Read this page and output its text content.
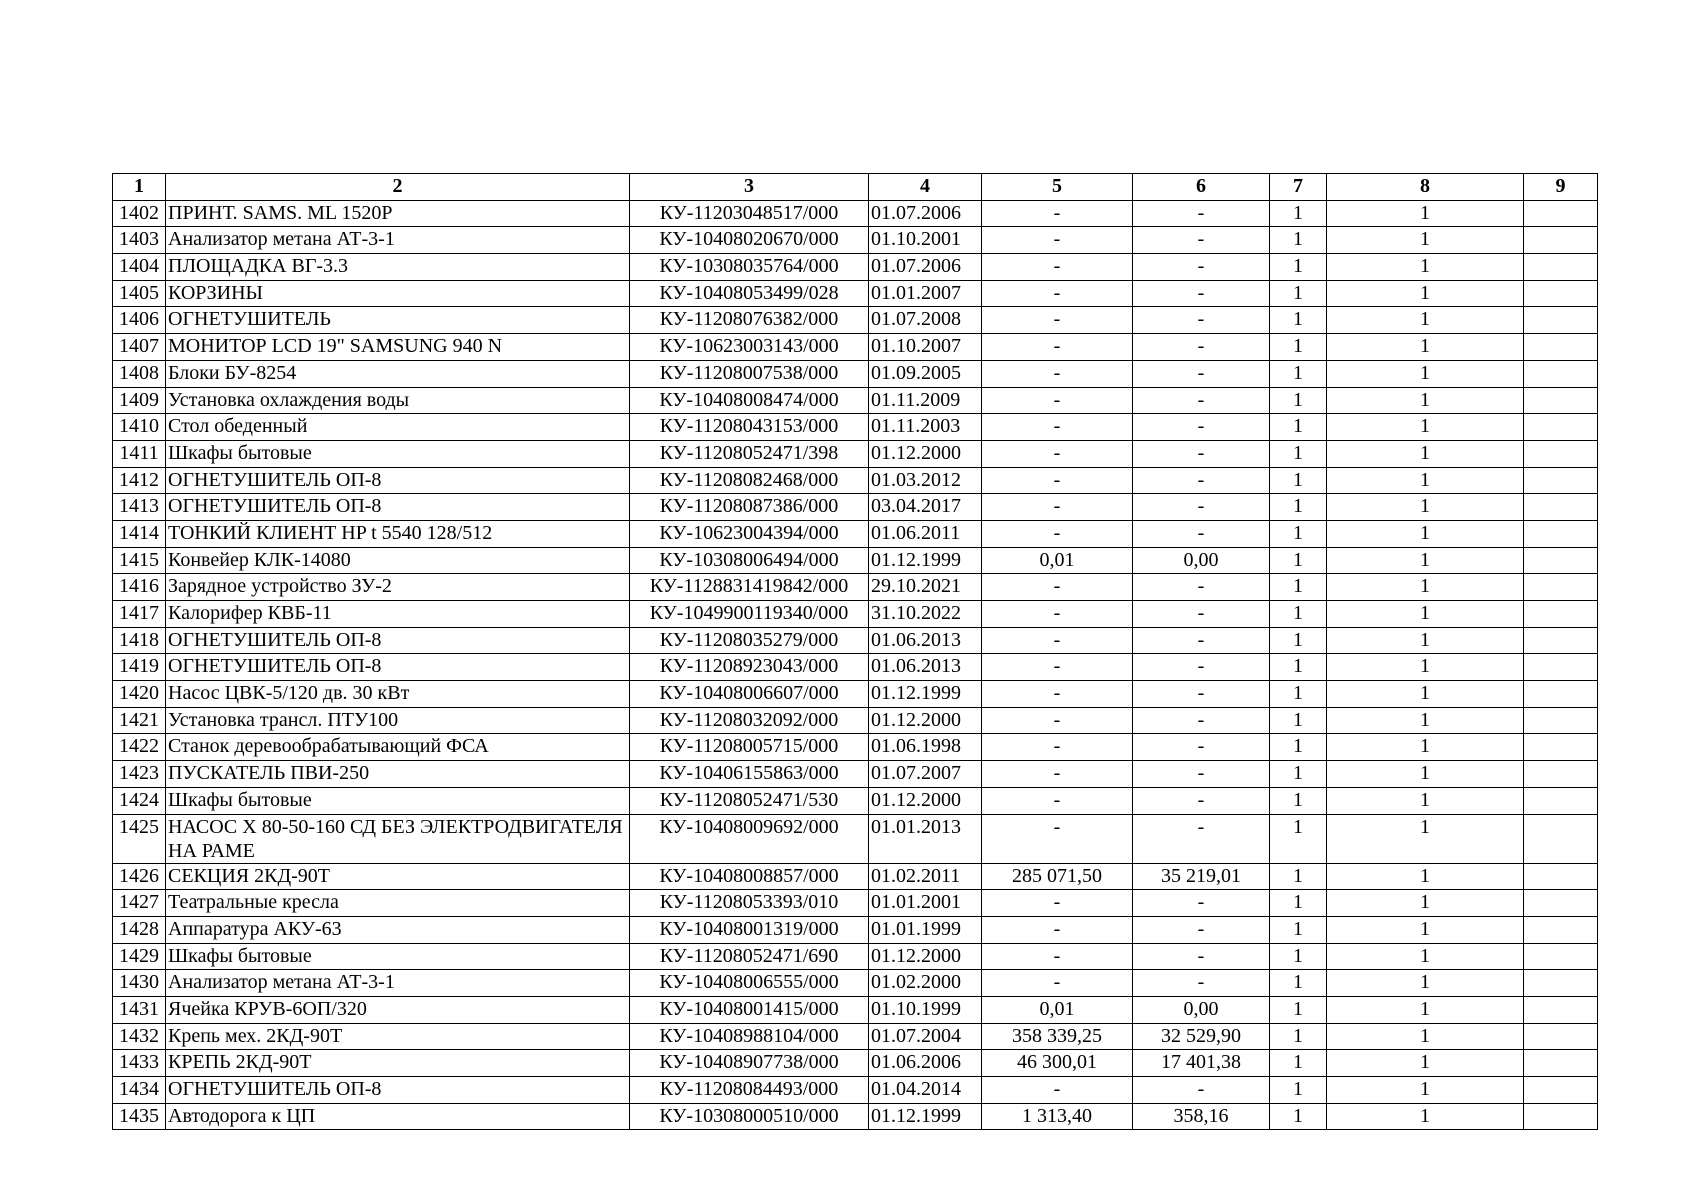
1	2	3	4	5	6	7	8	9
1402	ПРИНТ. SAMS. ML 1520P	КУ-11203048517/000	01.07.2006	-	-	1	1	
1403	Анализатор метана АТ-3-1	КУ-10408020670/000	01.10.2001	-	-	1	1	
1404	ПЛОЩАДКА ВГ-3.3	КУ-10308035764/000	01.07.2006	-	-	1	1	
1405	КОРЗИНЫ	КУ-10408053499/028	01.01.2007	-	-	1	1	
1406	ОГНЕТУШИТЕЛЬ	КУ-11208076382/000	01.07.2008	-	-	1	1	
1407	МОНИТОР LCD 19" SAMSUNG 940 N	КУ-10623003143/000	01.10.2007	-	-	1	1	
1408	Блоки БУ-8254	КУ-11208007538/000	01.09.2005	-	-	1	1	
1409	Установка охлаждения воды	КУ-10408008474/000	01.11.2009	-	-	1	1	
1410	Стол обеденный	КУ-11208043153/000	01.11.2003	-	-	1	1	
1411	Шкафы бытовые	КУ-11208052471/398	01.12.2000	-	-	1	1	
1412	ОГНЕТУШИТЕЛЬ ОП-8	КУ-11208082468/000	01.03.2012	-	-	1	1	
1413	ОГНЕТУШИТЕЛЬ ОП-8	КУ-11208087386/000	03.04.2017	-	-	1	1	
1414	ТОНКИЙ КЛИЕНТ HP t 5540 128/512	КУ-10623004394/000	01.06.2011	-	-	1	1	
1415	Конвейер КЛК-14080	КУ-10308006494/000	01.12.1999	0,01	0,00	1	1	
1416	Зарядное устройство ЗУ-2	КУ-1128831419842/000	29.10.2021	-	-	1	1	
1417	Калорифер КВБ-11	КУ-1049900119340/000	31.10.2022	-	-	1	1	
1418	ОГНЕТУШИТЕЛЬ ОП-8	КУ-11208035279/000	01.06.2013	-	-	1	1	
1419	ОГНЕТУШИТЕЛЬ ОП-8	КУ-11208923043/000	01.06.2013	-	-	1	1	
1420	Насос ЦВК-5/120 дв. 30 кВт	КУ-10408006607/000	01.12.1999	-	-	1	1	
1421	Установка трансл. ПТУ100	КУ-11208032092/000	01.12.2000	-	-	1	1	
1422	Станок деревообрабатывающий ФСА	КУ-11208005715/000	01.06.1998	-	-	1	1	
1423	ПУСКАТЕЛЬ ПВИ-250	КУ-10406155863/000	01.07.2007	-	-	1	1	
1424	Шкафы бытовые	КУ-11208052471/530	01.12.2000	-	-	1	1	
1425	НАСОС Х 80-50-160 СД БЕЗ ЭЛЕКТРОДВИГАТЕЛЯ НА РАМЕ	КУ-10408009692/000	01.01.2013	-	-	1	1	
1426	СЕКЦИЯ 2КД-90Т	КУ-10408008857/000	01.02.2011	285 071,50	35 219,01	1	1	
1427	Театральные кресла	КУ-11208053393/010	01.01.2001	-	-	1	1	
1428	Аппаратура АКУ-63	КУ-10408001319/000	01.01.1999	-	-	1	1	
1429	Шкафы бытовые	КУ-11208052471/690	01.12.2000	-	-	1	1	
1430	Анализатор метана АТ-3-1	КУ-10408006555/000	01.02.2000	-	-	1	1	
1431	Ячейка КРУВ-6ОП/320	КУ-10408001415/000	01.10.1999	0,01	0,00	1	1	
1432	Крепь мех. 2КД-90Т	КУ-10408988104/000	01.07.2004	358 339,25	32 529,90	1	1	
1433	КРЕПЬ 2КД-90Т	КУ-10408907738/000	01.06.2006	46 300,01	17 401,38	1	1	
1434	ОГНЕТУШИТЕЛЬ ОП-8	КУ-11208084493/000	01.04.2014	-	-	1	1	
1435	Автодорога к ЦП	КУ-10308000510/000	01.12.1999	1 313,40	358,16	1	1	
